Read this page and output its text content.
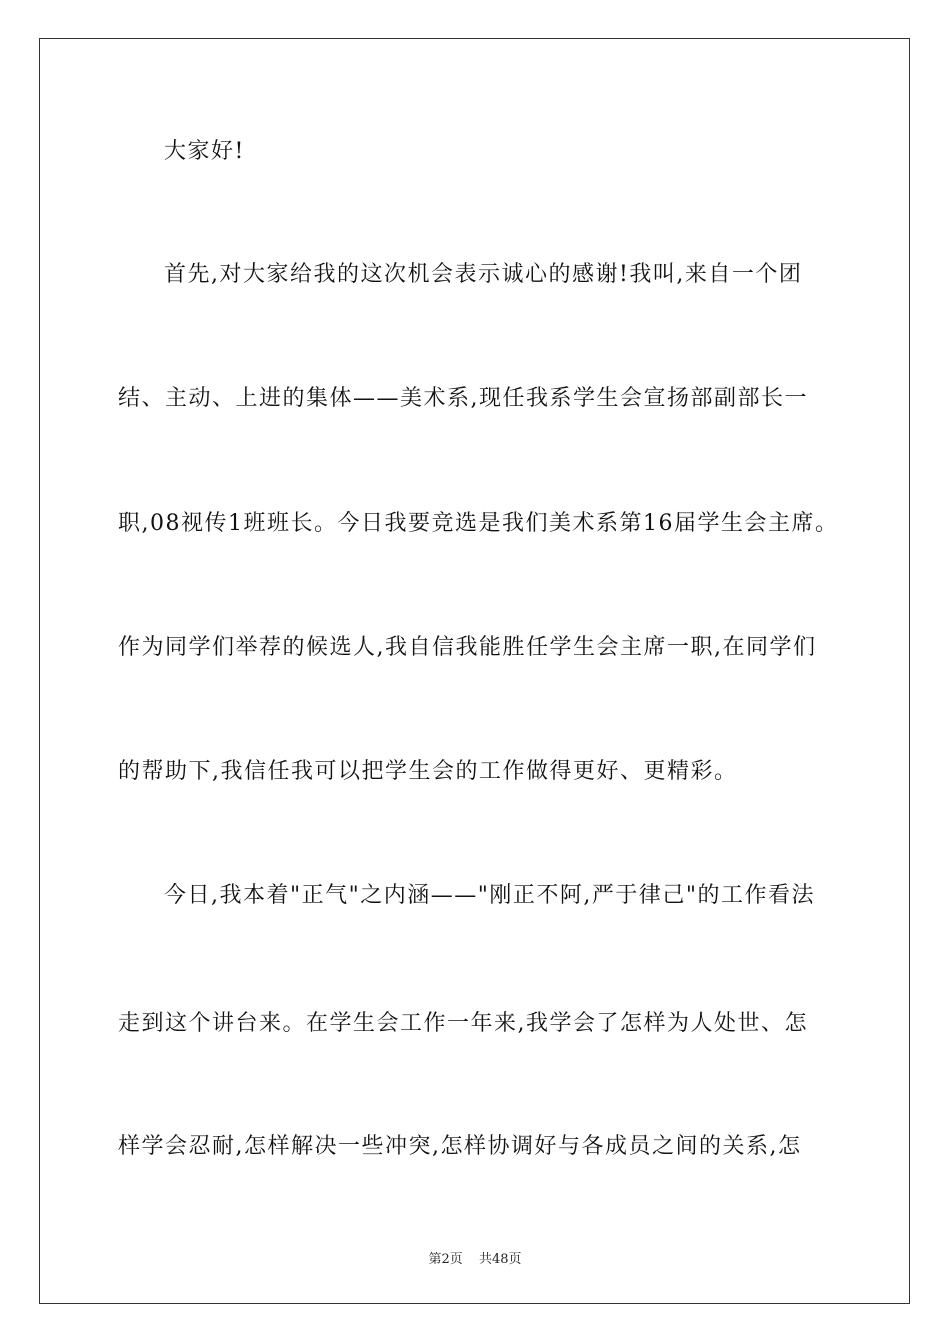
大家好!
首先,对大家给我的这次机会表示诚心的感谢!我叫,来自一个团
结、主动、上进的集体——美术系,现任我系学生会宣扬部副部长一
职,08视传1班班长。今日我要竞选是我们美术系第16届学生会主席。
作为同学们举荐的候选人,我自信我能胜任学生会主席一职,在同学们
的帮助下,我信任我可以把学生会的工作做得更好、更精彩。
今日,我本着"正气"之内涵——"刚正不阿,严于律己"的工作看法
走到这个讲台来。在学生会工作一年来,我学会了怎样为人处世、怎
样学会忍耐,怎样解决一些冲突,怎样协调好与各成员之间的关系,怎
第2页 共48页
